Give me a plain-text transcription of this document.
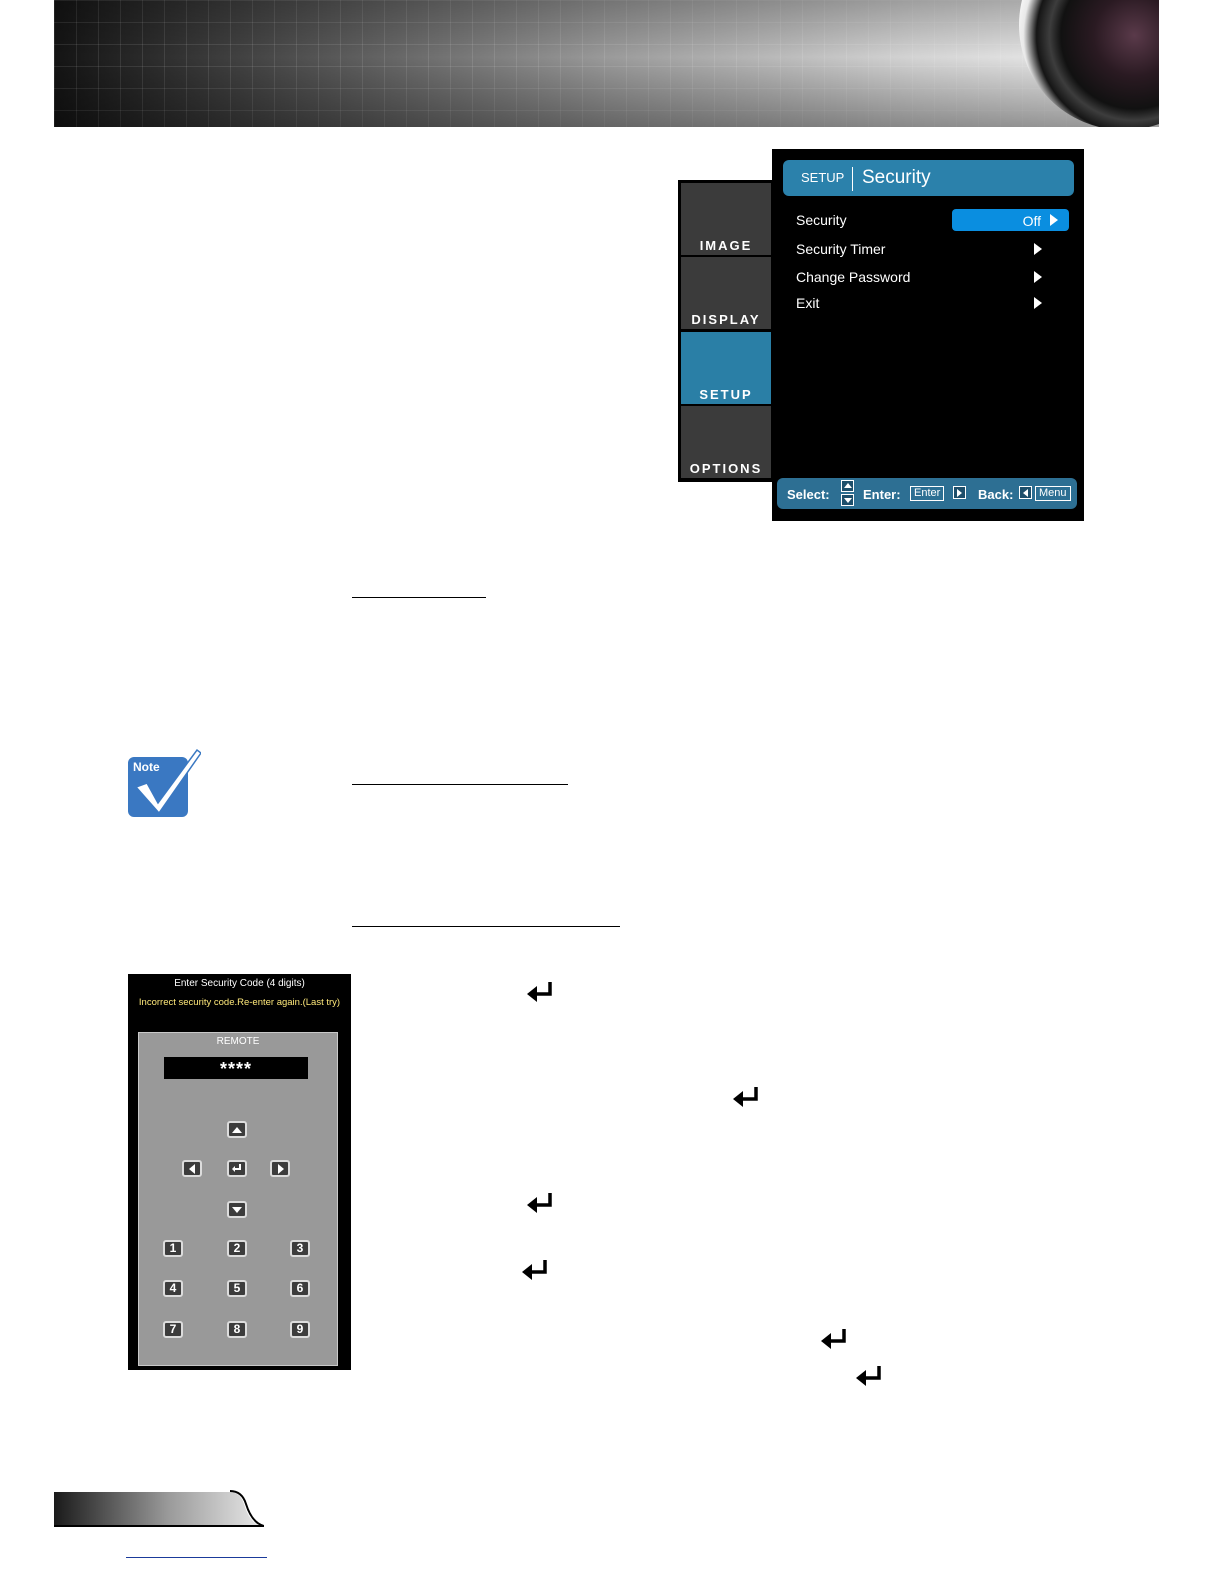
IMAGE
DISPLAY
SETUP
OPTIONS
SETUP Security
Security	Off
Security Timer
Change Password
Exit
Select:	Enter:	Enter	Back:	Menu
Note
Enter Security Code (4 digits)
Incorrect security code.Re-enter again.(Last try)
REMOTE
****
1	2	3
4	5	6
7	8	9
